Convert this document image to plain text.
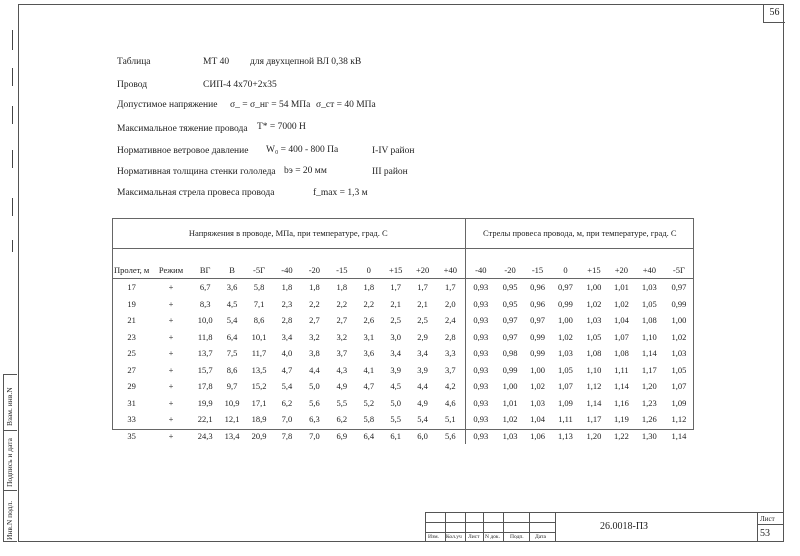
56
Взам. инв.N
Подпись и дата
Инв.N подл.
Таблица	МТ 40 для двухцепной ВЛ 0,38 кВ
Провод	СИП-4 4х70+2х35
Допустимое напряжение σ_ = σ_нг = 54 МПа σ_ст = 40 МПа
Максимальное тяжение провода T* = 7000 Н
Нормативное ветровое давление W₀ = 400 - 800 Па	I-IV район
Нормативная толщина стенки гололеда bэ = 20 мм	III район
Максимальная стрела провеса провода	f_max = 1,3 м
Напряжения в проводе, МПа, при температуре, град. С												Стрелы провеса провода, м, при температуре, град. С							
Пролет, м	Режим	ВГ	В	-5Г	-40	-20	-15	0	+15	+20	+40	-40	-20	-15	0	+15	+20	+40	-5Г
17	+	6,7	3,6	5,8	1,8	1,8	1,8	1,8	1,7	1,7	1,7	0,93	0,95	0,96	0,97	1,00	1,01	1,03	0,97
19	+	8,3	4,5	7,1	2,3	2,2	2,2	2,2	2,1	2,1	2,0	0,93	0,95	0,96	0,99	1,02	1,02	1,05	0,99
21	+	10,0	5,4	8,6	2,8	2,7	2,7	2,6	2,5	2,5	2,4	0,93	0,97	0,97	1,00	1,03	1,04	1,08	1,00
23	+	11,8	6,4	10,1	3,4	3,2	3,2	3,1	3,0	2,9	2,8	0,93	0,97	0,99	1,02	1,05	1,07	1,10	1,02
25	+	13,7	7,5	11,7	4,0	3,8	3,7	3,6	3,4	3,4	3,3	0,93	0,98	0,99	1,03	1,08	1,08	1,14	1,03
27	+	15,7	8,6	13,5	4,7	4,4	4,3	4,1	3,9	3,9	3,7	0,93	0,99	1,00	1,05	1,10	1,11	1,17	1,05
29	+	17,8	9,7	15,2	5,4	5,0	4,9	4,7	4,5	4,4	4,2	0,93	1,00	1,02	1,07	1,12	1,14	1,20	1,07
31	+	19,9	10,9	17,1	6,2	5,6	5,5	5,2	5,0	4,9	4,6	0,93	1,01	1,03	1,09	1,14	1,16	1,23	1,09
33	+	22,1	12,1	18,9	7,0	6,3	6,2	5,8	5,5	5,4	5,1	0,93	1,02	1,04	1,11	1,17	1,19	1,26	1,12
35	+	24,3	13,4	20,9	7,8	7,0	6,9	6,4	6,1	6,0	5,6	0,93	1,03	1,06	1,13	1,20	1,22	1,30	1,14
Изм. Кол.уч Лист N док. Подп. Дата
26.0018-ПЗ
Лист
53
